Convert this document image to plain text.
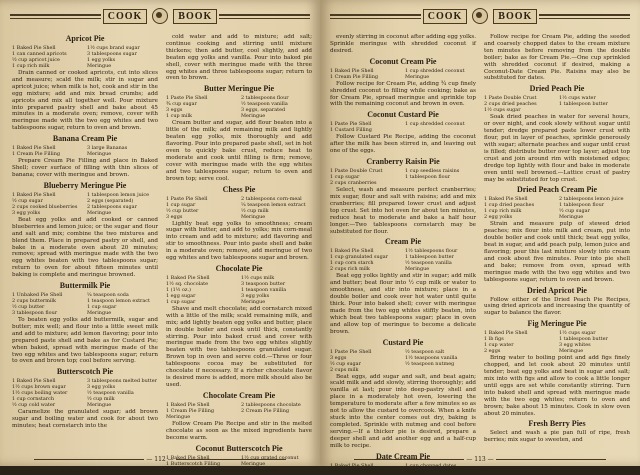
COOK	BOOK
Apricot Pie
1 Baked Pie Shell	1½ cups brand sugar
1 can canned apricots	3 tablespoons sugar
½ cup apricot juice	1 egg yolks
1 cup rich milk	Meringue

Drain canned or cooked apricots, cut into slices and measure; scald the milk; stir in sugar and apricot juice; when milk is hot, cook and stir in the egg mixture; add and mix bread crumbs; add apricots and mix all together well. Pour mixture into prepared pastry shell and bake about 45 minutes in a moderate oven; remove, cover with meringue made with the two egg whites and two tablespoons sugar, return to oven and brown.

Banana Cream Pie
1 Baked Pie Shell	3 large Bananas
1 Cream Pie Filling	Meringue

Prepare Cream Pie Filling and place in Baked Shell; cover surface of filling with thin slices of banana; cover with meringue and brown.

Blueberry Meringue Pie
1 Baked Pie Shell	1 tablespoon lemon juice
½ cup sugar	2 eggs (separated)
2 cups cooked blueberries	2 tablespoons sugar
3 egg yolks	Meringue

Beat egg yolks and add cooked or canned blueberries and lemon juice; or the sugar and flour and salt and mix; combine the two mixtures and blend them. Place in prepared pastry or shell, and bake in a moderate oven about 20 minutes; remove; spread with meringue made with the two egg whites beaten with two tablespoons sugar; return to oven for about fifteen minutes until baking is complete and meringue browned.

Buttermilk Pie
1 Unbaked Pie Shell	¼ teaspoon soda
2 cups buttermilk	1 teaspoon lemon extract
½ cup butter	1 cup sugar
3 tablespoon flour	Meringue

To beaten egg yolks add buttermilk, sugar and butter; mix well; and flour into a little sweet milk and add to mixture; add lemon flavoring; pour into prepared paste shell and bake as for Custard Pie; when baked, spread with meringue made of the two egg whites and two tablespoons sugar; return to oven and brown top; cool before serving.

Butterscotch Pie
1 Baked Pie Shell	3 tablespoons melted butter
1½ cups brown sugar	3 egg yolks
1½ cups boiling water	½ teaspoon vanilla
1 cup cornstarch	½ cup milk
½ cup cold water	Meringue

Caramelize the granulated sugar; add brown sugar and boiling water and cook for about two minutes; heat cornstarch into the

cold water and add to mixture; add salt; continue cooking and stirring until mixture thickens; then add butter, cool slightly, and add beaten egg yolks and vanilla. Pour into baked pie shell, cover with meringue made with the three egg whites and three tablespoons sugar; return to oven to brown.

Butter Meringue Pie
1 Paste Pie Shell	2 tablespoons flour
¾ cup sugar	½ teaspoon vanilla
3 eggs	3 eggs, separated
1 cup milk	Meringue

Cream butter and sugar, add flour beaten into a little of the milk; add remaining milk and lightly beaten egg yolks, mix thoroughly and add flavoring. Pour into prepared paste shell, set in hot oven to quickly bake crust, reduce heat to moderate and cook until filling is firm; remove, cover with meringue made with the egg whites and two tablespoons sugar; return to oven and brown top; serve cool.

Chess Pie
1 Paste Pie Shell	2 tablespoons corn-meal
1 cup sugar	¼ teaspoon lemon extract
½ cup butter	½ cup milk
3 eggs	Meringue

Lightly beat egg yolks to smoothness; cream sugar with butter, and add to yolks; mix corn-meal into cream and add to mixture; add flavoring and stir to smoothness. Pour into paste shell and bake in a moderate oven; remove, add meringue of two egg whites and two tablespoons sugar and brown.

Chocolate Pie
1 Baked Pie Shell	1½ cups milk
1½ sq. chocolate	3 teaspoon butter
1 (1½ oz.)	1 teaspoon vanilla
1 egg sugar	3 egg yolks
1 cup sugar	Meringue

Shave and melt chocolate; add cornstarch mixed with a little of the milk; scald remaining milk, and mix; add lightly beaten egg yolks and butter, place in double boiler and cook until thick, constantly stirring. Pour into baked crust and cover with meringue made from the two egg whites slightly beaten with two tablespoons granulated sugar. Brown top in oven and serve cold.—Three or four tablespoons cocoa may be substituted for chocolate if necessary. If a richer chocolate flavor is desired more is added, more milk should also be used.

Chocolate Cream Pie
1 Baked Pie Shell	2 tablespoons chocolate
1 Cream Pie Filling	2 Cream Pie Filling
Meringue

Follow Cream Pie Recipe and stir in the melted chocolate as soon as the mixed ingredients have become warm.

Coconut Butterscotch Pie
1 Baked Pie Shell	1½ cup grated coconut
1 Butterscotch Filling	Meringue

Prepare as for Butterscotch Pie, then

— 112 —
COOK	BOOK

evenly stirring in coconut after adding egg yolks. Sprinkle meringue with shredded coconut if desired.

Coconut Cream Pie
1 Baked Pie Shell	1 cup shredded coconut
1 Cream Pie Filling	Meringue

Follow recipe for Cream Pie, adding ¾ cup finely shredded coconut to filling while cooking; bake as for Cream Pie, spread meringue and sprinkle top with the remaining coconut and brown in oven.

Coconut Custard Pie
1 Paste Pie Shell	1 cup shredded coconut
1 Custard Filling

Follow Custard Pie Recipe, adding the coconut after the milk has been stirred in, and leaving out one of the eggs.

Cranberry Raisin Pie
1 Paste Double Crust	1 cup seedless raisins
1 cup sugar	1 tablespoon flour
2 cups cranberries

Select, wash and measure perfect cranberries; mix sugar, flour and salt with raisins; add and mix cranberries; fill prepared lower crust and adjust top crust. Set into hot oven for about ten minutes, reduce heat to moderate and bake a half hour longer.—Two tablespoons cornstarch may be substituted for flour.

Cream Pie
1 Baked Pie Shell	1½ tablespoons flour
1 cup granulated sugar	1 tablespoon butter
1 cup corn starch	½ teaspoon vanilla
2 cups rich milk	Meringue

Beat egg yolks lightly and stir in sugar; add milk and butter; beat flour into ½ cup milk or water to smoothness, and stir into mixture; place in a double boiler and cook over hot water until quite thick. Pour into baked shell; cover with meringue made from the two egg whites stiffly beaten, into which beat two tablespoons sugar; place in oven and allow top of meringue to become a delicate brown.

Custard Pie
1 Paste Pie Shell	½ teaspoon salt
3 eggs	1½ teaspoons vanilla
½ cup sugar	½ teaspoon nutmeg
2 cups milk

Beat eggs, add sugar and salt, and beat again; scald milk and add slowly, stirring thoroughly; add vanilla at last; pour into deep-pastry shell and place in a moderately hot oven, lowering the temperature to moderate after a few minutes so as not to allow the custard to overcook. When a knife stuck into the center comes out dry, baking is completed. Sprinkle with nutmeg and cool before serving.—If a thicker pie is desired, prepare a deeper shell and add another egg and a half-cup milk to recipe.

Date Cream Pie
1 Baked Pie Shell	1 cup chopped dates
1 Cream Pie Filling	Meringue

Follow recipe for Cream Pie, adding the seeded and coarsely chopped dates to the cream mixture ten minutes before removing from the double boiler; bake as for Cream Pie.—One cup sprinkled with shredded coconut if desired, making a Coconut-Date Cream Pie. Raisins may also be substituted for dates.

Dried Peach Pie
1 Paste Double Crust	1½ cups water
2 cups dried peaches	1 tablespoon butter
1½ cups sugar

Soak dried peaches in water for several hours, or over night, and cook slowly without sugar until tender; dredge prepared paste lower crust with flour, put in layer of peaches, sprinkle generously with sugar; alternate peaches and sugar until crust is filled; distribute butter over top layer; adjust top crust and join around rim with moistened edges; dredge top lightly with flour and bake in moderate oven until well browned.—Lattice crust of pastry may be substituted for top crust.

Dried Peach Cream Pie
1 Baked Pie Shell	2 tablespoons lemon juice
1 cup dried peaches	1 tablespoon flour
1 cup rich milk	½ cup sugar
2 egg yolks	Meringue

Strain and measure pulp of stewed dried peaches; mix flour into milk and cream, put into double boiler and cook until thick; beat egg yolks, beat in sugar, and add peach pulp, lemon juice and flavoring; pour this last mixture slowly into cream and cook about five minutes. Pour into pie shell and bake; remove from oven, spread with meringue made with the two egg whites and two tablespoons sugar; return to oven and brown.

Dried Apricot Pie

Follow either of the Dried Peach Pie Recipes, using dried apricots and increasing the quantity of sugar to balance the flavor.

Fig Meringue Pie
1 Baked Pie Shell	1½ cups sugar
1 lb figs	1 tablespoon butter
1 cup water	3 egg whites
2 eggs	Meringue

Bring water to boiling point and add figs finely chopped, and let cook about 20 minutes until tender; beat egg yolks and beat in sugar and salt; mix into with figs and allow to cook a little longer until eggs are set while constantly stirring. Turn into baked shell and spread with meringue made with the two egg whites; return to oven and brown; bake about 15 minutes. Cook in slow oven about 20 minutes.

Fresh Berry Pies

Select and wash a pie pan full of ripe, fresh berries; mix sugar to sweeten, and

— 113 —
